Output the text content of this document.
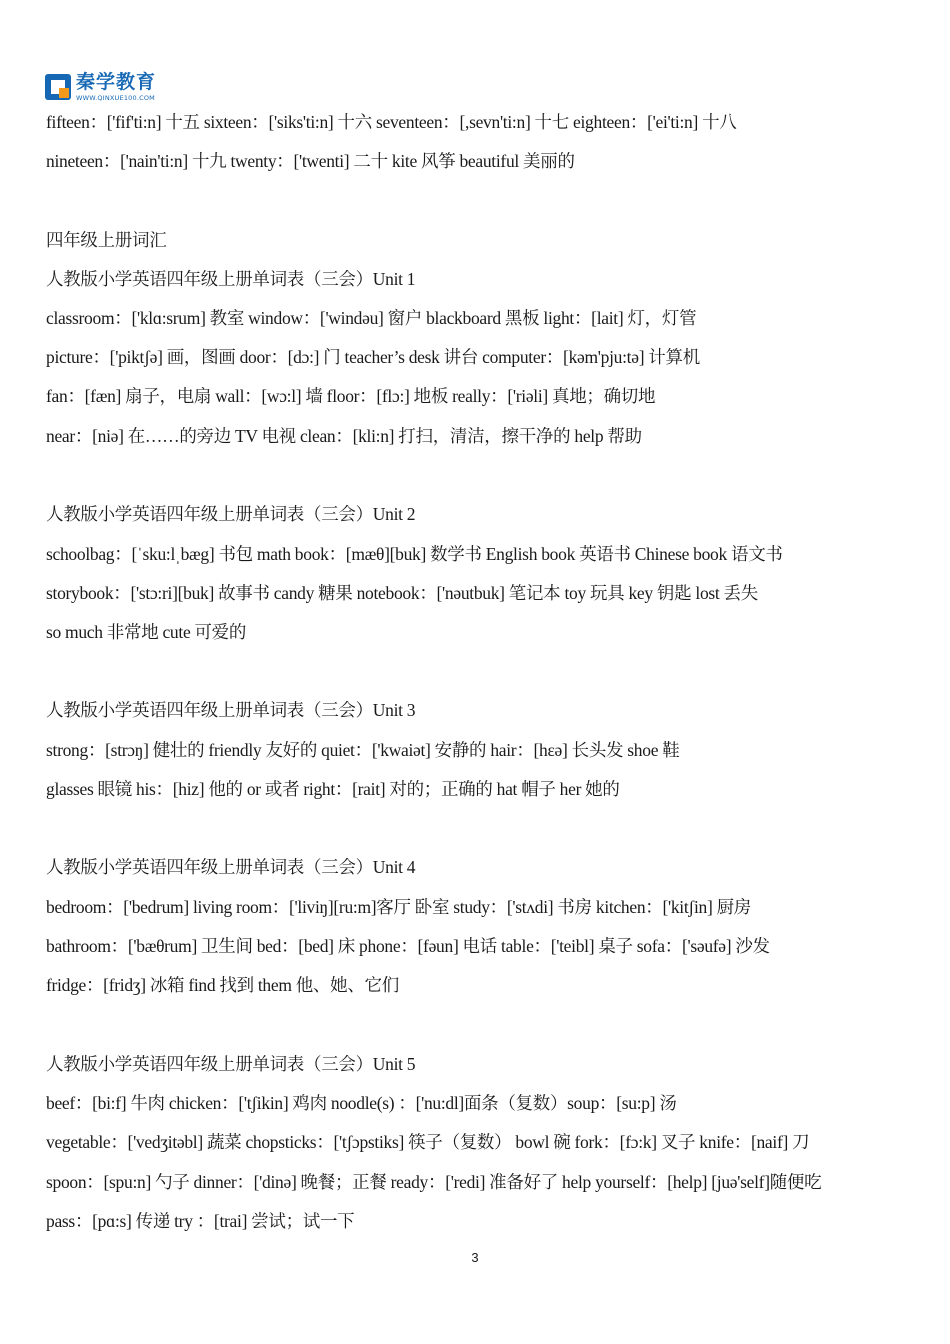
秦学教育
WWW.QINXUE100.COM
fifteen：['fif'ti:n] 十五 sixteen：['siks'ti:n] 十六 seventeen：[,sevn'ti:n] 十七 eighteen：['ei'ti:n] 十八
nineteen：['nain'ti:n] 十九 twenty：['twenti] 二十 kite 风筝 beautiful 美丽的
四年级上册词汇
人教版小学英语四年级上册单词表（三会）Unit 1
classroom：['klɑ:srum] 教室 window：['windəu] 窗户 blackboard 黑板 light：[lait] 灯，灯管
picture：['piktʃə] 画，图画 door：[dɔ:] 门 teacher’s desk 讲台 computer：[kəm'pju:tə] 计算机
fan：[fæn] 扇子，电扇 wall：[wɔ:l] 墙 floor：[flɔ:] 地板 really：['riəli] 真地；确切地
near：[niə] 在……的旁边 TV 电视 clean：[kli:n] 打扫，清洁，擦干净的 help 帮助
人教版小学英语四年级上册单词表（三会）Unit 2
schoolbag：[ˈsku:lˌbæg] 书包 math book：[mæθ][buk] 数学书 English book 英语书 Chinese book 语文书
storybook：['stɔ:ri][buk] 故事书 candy 糖果 notebook：['nəutbuk] 笔记本 toy 玩具 key 钥匙 lost 丢失
so much 非常地 cute 可爱的
人教版小学英语四年级上册单词表（三会）Unit 3
strong：[strɔŋ] 健壮的 friendly 友好的 quiet：['kwaiət] 安静的 hair：[hɛə] 长头发 shoe 鞋
glasses 眼镜 his：[hiz] 他的 or 或者 right：[rait] 对的；正确的 hat 帽子 her 她的
人教版小学英语四年级上册单词表（三会）Unit 4
bedroom：['bedrum] living room：['liviŋ][ru:m]客厅 卧室 study：['stʌdi] 书房 kitchen：['kitʃin] 厨房
bathroom：['bæθrum] 卫生间 bed：[bed] 床 phone：[fəun] 电话 table：['teibl] 桌子 sofa：['səufə] 沙发
fridge：[fridʒ] 冰箱 find 找到 them 他、她、它们
人教版小学英语四年级上册单词表（三会）Unit 5
beef：[bi:f] 牛肉 chicken：['tʃikin] 鸡肉 noodle(s) ：['nu:dl]面条（复数）soup：[su:p] 汤
vegetable：['vedʒitəbl] 蔬菜 chopsticks：['tʃɔpstiks] 筷子（复数） bowl 碗 fork：[fɔ:k] 叉子 knife：[naif] 刀
spoon：[spu:n] 勺子 dinner：['dinə] 晚餐；正餐 ready：['redi] 准备好了 help yourself：[help] [juə'self]随便吃
pass：[pɑ:s] 传递 try ：[trai] 尝试；试一下
3
